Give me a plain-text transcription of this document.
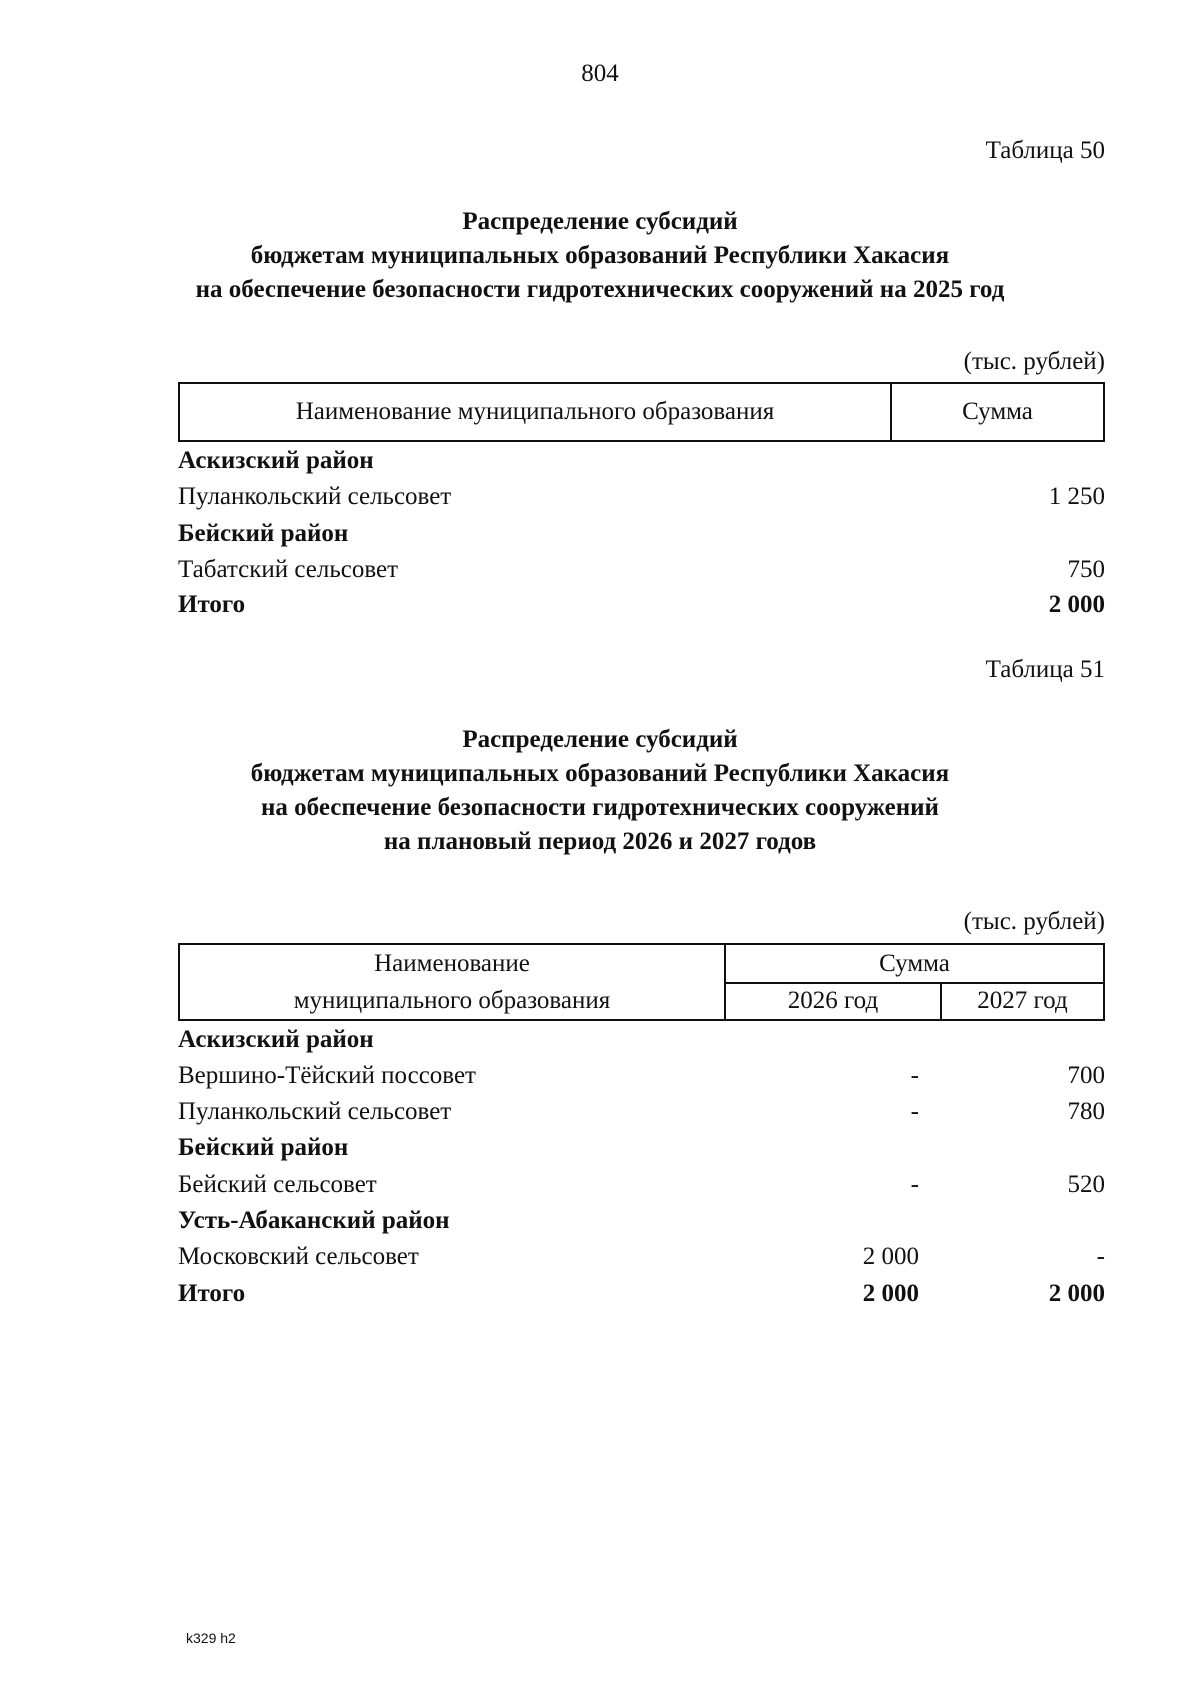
804
Таблица 50
Распределение субсидий
бюджетам муниципальных образований Республики Хакасия
на обеспечение безопасности гидротехнических сооружений на 2025 год
(тыс. рублей)
Наименование муниципального образования	Сумма
Аскизский район
Пуланкольский сельсовет	1 250
Бейский район
Табатский сельсовет	750
Итого	2 000
Таблица 51
Распределение субсидий
бюджетам муниципальных образований Республики Хакасия
на обеспечение безопасности гидротехнических сооружений
на плановый период 2026 и 2027 годов
(тыс. рублей)
Наименование
муниципального образования
Сумма
2026 год	2027 год
Аскизский район
Вершино-Тёйский поссовет	-	700
Пуланкольский сельсовет	-	780
Бейский район
Бейский сельсовет	-	520
Усть-Абаканский район
Московский сельсовет	2 000	-
Итого	2 000	2 000
k329 h2
